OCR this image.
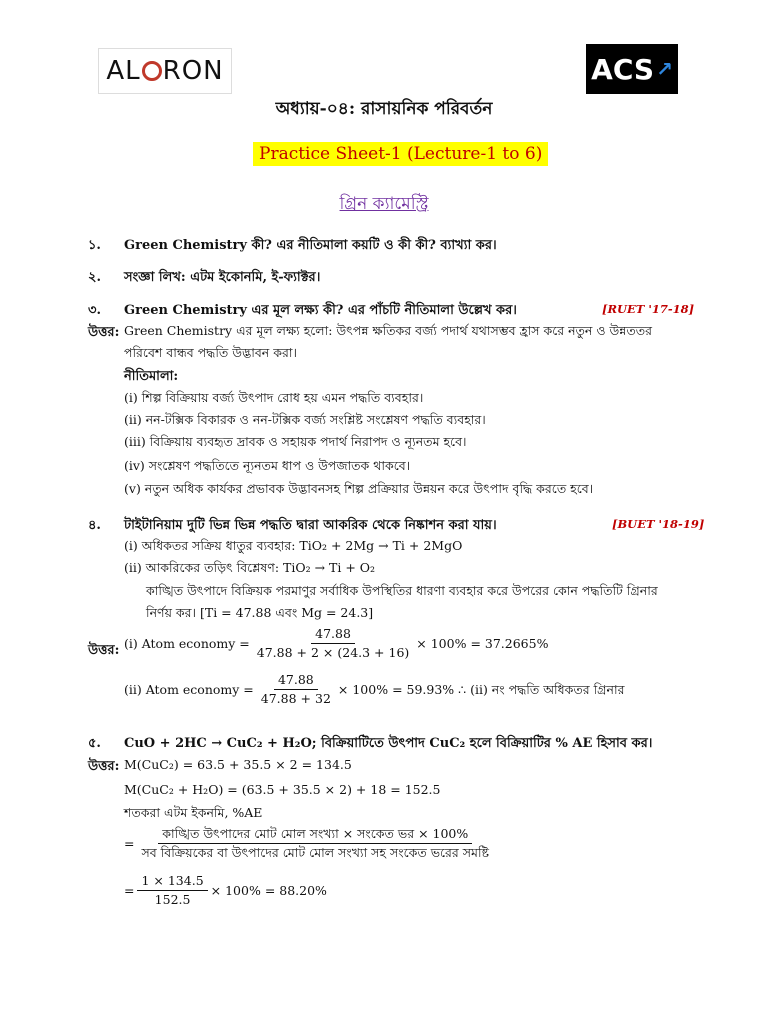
AL RON	ACS ↗
অধ্যায়-০৪: রাসায়নিক পরিবর্তন
Practice Sheet-1 (Lecture-1 to 6)
গ্রিন ক্যামেস্ট্রি
১. Green Chemistry কী? এর নীতিমালা কয়টি ও কী কী? ব্যাখ্যা কর।
২. সংজ্ঞা লিখ: এটম ইকোনমি, ই-ফ্যাক্টর।
৩. Green Chemistry এর মূল লক্ষ্য কী? এর পাঁচটি নীতিমালা উল্লেখ কর।	[RUET '17-18]
উত্তর: Green Chemistry এর মূল লক্ষ্য হলো: উৎপন্ন ক্ষতিকর বর্জ্য পদার্থ যথাসম্ভব হ্রাস করে নতুন ও উন্নততর
পরিবেশ বান্ধব পদ্ধতি উদ্ভাবন করা।
নীতিমালা:
(i) শিল্প বিক্রিয়ায় বর্জ্য উৎপাদ রোধ হয় এমন পদ্ধতি ব্যবহার।
(ii) নন-টক্সিক বিকারক ও নন-টক্সিক বর্জ্য সংশ্লিষ্ট সংশ্লেষণ পদ্ধতি ব্যবহার।
(iii) বিক্রিয়ায় ব্যবহৃত দ্রাবক ও সহায়ক পদার্থ নিরাপদ ও ন্যূনতম হবে।
(iv) সংশ্লেষণ পদ্ধতিতে ন্যূনতম ধাপ ও উপজাতক থাকবে।
(v) নতুন অধিক কার্যকর প্রভাবক উদ্ভাবনসহ শিল্প প্রক্রিয়ার উন্নয়ন করে উৎপাদ বৃদ্ধি করতে হবে।
৪. টাইটানিয়াম দুটি ভিন্ন ভিন্ন পদ্ধতি দ্বারা আকরিক থেকে নিষ্কাশন করা যায়।	[BUET '18-19]
(i) অধিকতর সক্রিয় ধাতুর ব্যবহার: TiO₂ + 2Mg → Ti + 2MgO
(ii) আকরিকের তড়িৎ বিশ্লেষণ: TiO₂ → Ti + O₂
কাঙ্খিত উৎপাদে বিক্রিয়ক পরমাণুর সর্বাধিক উপস্থিতির ধারণা ব্যবহার করে উপরের কোন পদ্ধতিটি গ্রিনার
নির্ণয় কর। [Ti = 47.88 এবং Mg = 24.3]
উত্তর: (i) Atom economy = $\frac{47.88}{47.88 + 2 \times (24.3 + 16)} \times 100\% = 37.2665\%$
(ii) Atom economy = $\frac{47.88}{47.88 + 32} \times 100\% = 59.93\%$ ∴ (ii) নং পদ্ধতি অধিকতর গ্রিনার
৫. CuO + 2HC → CuC₂ + H₂O; বিক্রিয়াটিতে উৎপাদ CuC₂ হলে বিক্রিয়াটির % AE হিসাব কর।
উত্তর: M(CuC₂) = 63.5 + 35.5 × 2 = 134.5
M(CuC₂ + H₂O) = (63.5 + 35.5 × 2) + 18 = 152.5
শতকরা এটম ইকনমি, %AE
=
কাঙ্খিত উৎপাদের মোট মোল সংখ্যা × সংকেত ভর × 100%
সব বিক্রিয়কের বা উৎপাদের মোট মোল সংখ্যা সহ সংকেত ভরের সমষ্টি
= $\frac{1 \times 134.5}{152.5} \times 100\% = 88.20\%$
